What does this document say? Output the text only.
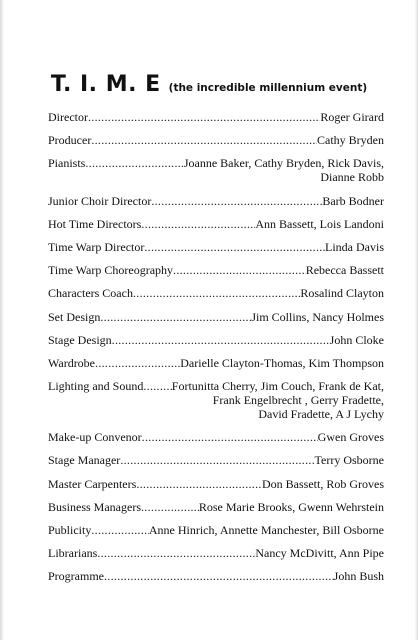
T. I. M. E (the incredible millennium event)
Director .....	Roger Girard
Producer .....	Cathy Bryden
Pianists .....	Joanne Baker, Cathy Bryden, Rick Davis,
Dianne Robb
Junior Choir Director .....	Barb Bodner
Hot Time Directors .....	Ann Bassett, Lois Landoni
Time Warp Director .....	Linda Davis
Time Warp Choreography .....	Rebecca Bassett
Characters Coach .....	Rosalind Clayton
Set Design .....	Jim Collins, Nancy Holmes
Stage Design .....	John Cloke
Wardrobe .....	Darielle Clayton-Thomas, Kim Thompson
Lighting and Sound ..... Fortunitta Cherry, Jim Couch, Frank de Kat,
Frank Engelbrecht , Gerry Fradette,
David Fradette, A J Lychy
Make-up Convenor .....	Gwen Groves
Stage Manager .....	Terry Osborne
Master Carpenters .....	Don Bassett, Rob Groves
Business Managers .....	Rose Marie Brooks, Gwenn Wehrstein
Publicity .....	Anne Hinrich, Annette Manchester, Bill Osborne
Librarians .....	Nancy McDivitt, Ann Pipe
Programme .....	John Bush
